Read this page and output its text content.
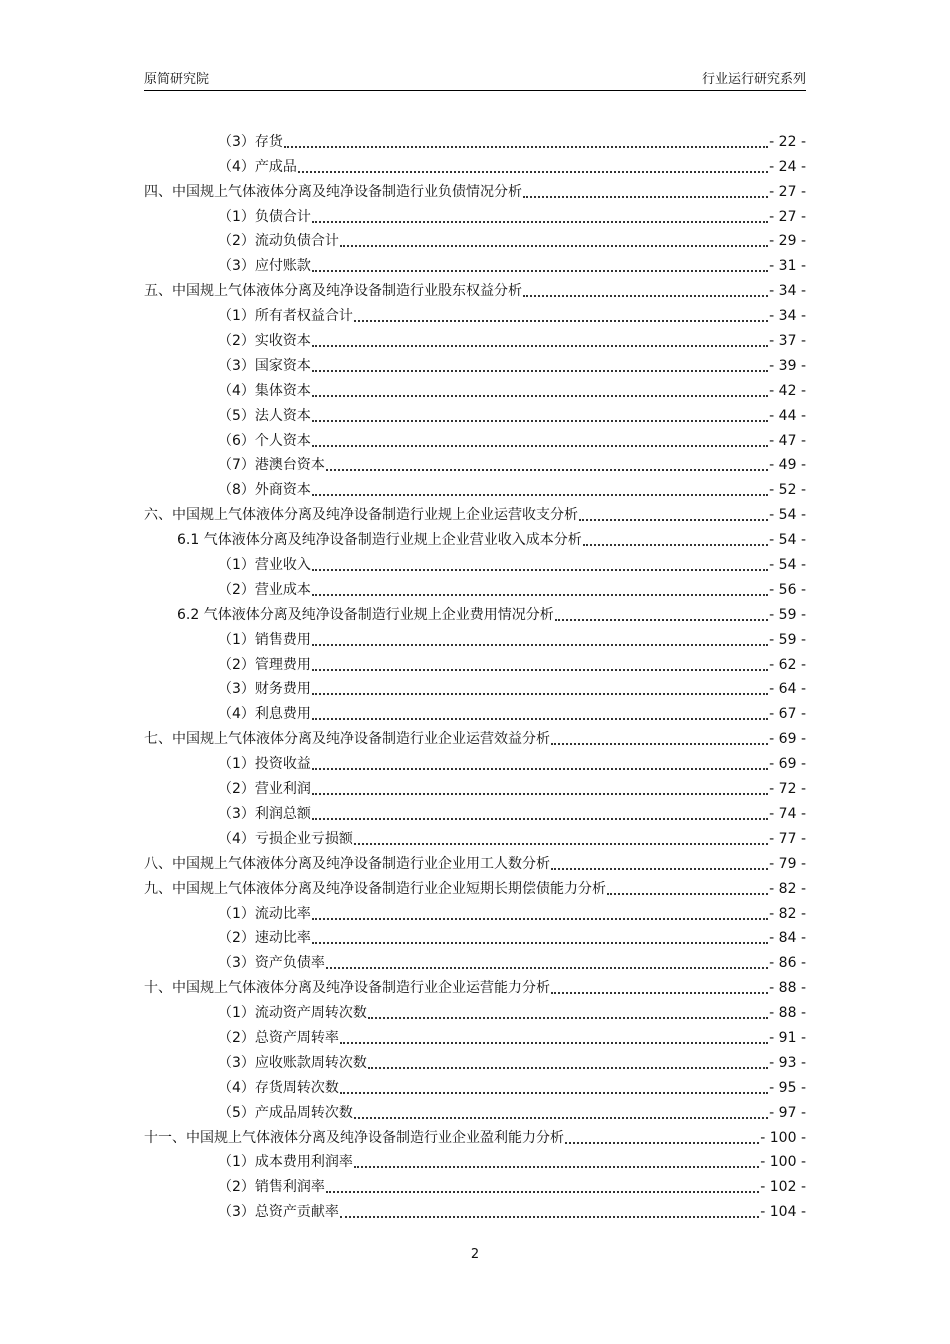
原简研究院	行业运行研究系列
（3）存货	- 22 -
（4）产成品	- 24 -
四、中国规上气体液体分离及纯净设备制造行业负债情况分析	- 27 -
（1）负债合计	- 27 -
（2）流动负债合计	- 29 -
（3）应付账款	- 31 -
五、中国规上气体液体分离及纯净设备制造行业股东权益分析	- 34 -
（1）所有者权益合计	- 34 -
（2）实收资本	- 37 -
（3）国家资本	- 39 -
（4）集体资本	- 42 -
（5）法人资本	- 44 -
（6）个人资本	- 47 -
（7）港澳台资本	- 49 -
（8）外商资本	- 52 -
六、中国规上气体液体分离及纯净设备制造行业规上企业运营收支分析	- 54 -
6.1 气体液体分离及纯净设备制造行业规上企业营业收入成本分析	- 54 -
（1）营业收入	- 54 -
（2）营业成本	- 56 -
6.2 气体液体分离及纯净设备制造行业规上企业费用情况分析	- 59 -
（1）销售费用	- 59 -
（2）管理费用	- 62 -
（3）财务费用	- 64 -
（4）利息费用	- 67 -
七、中国规上气体液体分离及纯净设备制造行业企业运营效益分析	- 69 -
（1）投资收益	- 69 -
（2）营业利润	- 72 -
（3）利润总额	- 74 -
（4）亏损企业亏损额	- 77 -
八、中国规上气体液体分离及纯净设备制造行业企业用工人数分析	- 79 -
九、中国规上气体液体分离及纯净设备制造行业企业短期长期偿债能力分析	- 82 -
（1）流动比率	- 82 -
（2）速动比率	- 84 -
（3）资产负债率	- 86 -
十、中国规上气体液体分离及纯净设备制造行业企业运营能力分析	- 88 -
（1）流动资产周转次数	- 88 -
（2）总资产周转率	- 91 -
（3）应收账款周转次数	- 93 -
（4）存货周转次数	- 95 -
（5）产成品周转次数	- 97 -
十一、中国规上气体液体分离及纯净设备制造行业企业盈利能力分析	- 100 -
（1）成本费用利润率	- 100 -
（2）销售利润率	- 102 -
（3）总资产贡献率	- 104 -
2
